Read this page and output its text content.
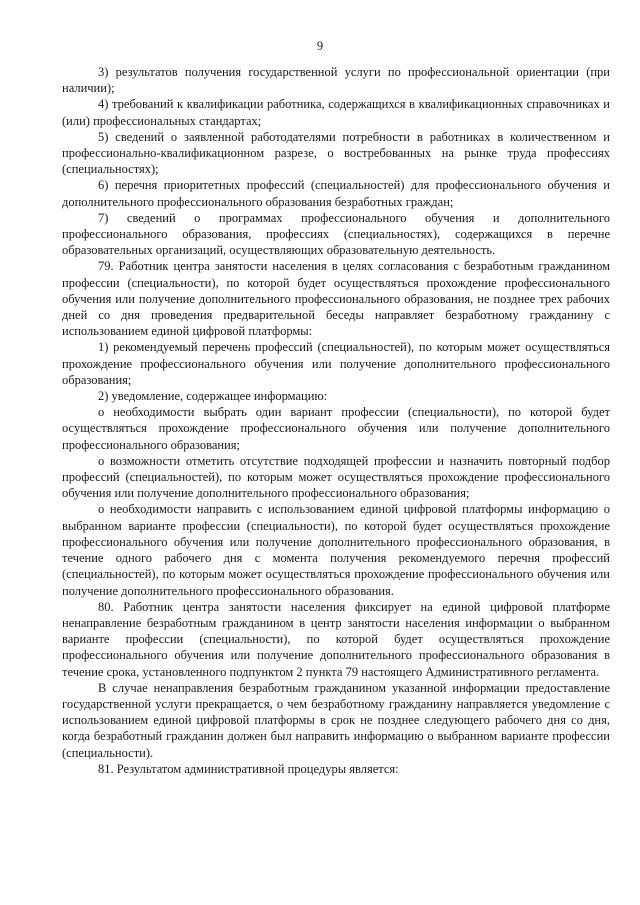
9

3) результатов получения государственной услуги по профессиональной ориентации (при наличии);

4) требований к квалификации работника, содержащихся в квалификационных справочниках и (или) профессиональных стандартах;

5) сведений о заявленной работодателями потребности в работниках в количественном и профессионально-квалификационном разрезе, о востребованных на рынке труда профессиях (специальностях);

6) перечня приоритетных профессий (специальностей) для профессионального обучения и дополнительного профессионального образования безработных граждан;

7) сведений о программах профессионального обучения и дополнительного профессионального образования, профессиях (специальностях), содержащихся в перечне образовательных организаций, осуществляющих образовательную деятельность.

79. Работник центра занятости населения в целях согласования с безработным гражданином профессии (специальности), по которой будет осуществляться прохождение профессионального обучения или получение дополнительного профессионального образования, не позднее трех рабочих дней со дня проведения предварительной беседы направляет безработному гражданину с использованием единой цифровой платформы:

1) рекомендуемый перечень профессий (специальностей), по которым может осуществляться прохождение профессионального обучения или получение дополнительного профессионального образования;

2) уведомление, содержащее информацию:

о необходимости выбрать один вариант профессии (специальности), по которой будет осуществляться прохождение профессионального обучения или получение дополнительного профессионального образования;

о возможности отметить отсутствие подходящей профессии и назначить повторный подбор профессий (специальностей), по которым может осуществляться прохождение профессионального обучения или получение дополнительного профессионального образования;

о необходимости направить с использованием единой цифровой платформы информацию о выбранном варианте профессии (специальности), по которой будет осуществляться прохождение профессионального обучения или получение дополнительного профессионального образования, в течение одного рабочего дня с момента получения рекомендуемого перечня профессий (специальностей), по которым может осуществляться прохождение профессионального обучения или получение дополнительного профессионального образования.

80. Работник центра занятости населения фиксирует на единой цифровой платформе ненаправление безработным гражданином в центр занятости населения информации о выбранном варианте профессии (специальности), по которой будет осуществляться прохождение профессионального обучения или получение дополнительного профессионального образования в течение срока, установленного подпунктом 2 пункта 79 настоящего Административного регламента.

В случае ненаправления безработным гражданином указанной информации предоставление государственной услуги прекращается, о чем безработному гражданину направляется уведомление с использованием единой цифровой платформы в срок не позднее следующего рабочего дня со дня, когда безработный гражданин должен был направить информацию о выбранном варианте профессии (специальности).

81. Результатом административной процедуры является:
